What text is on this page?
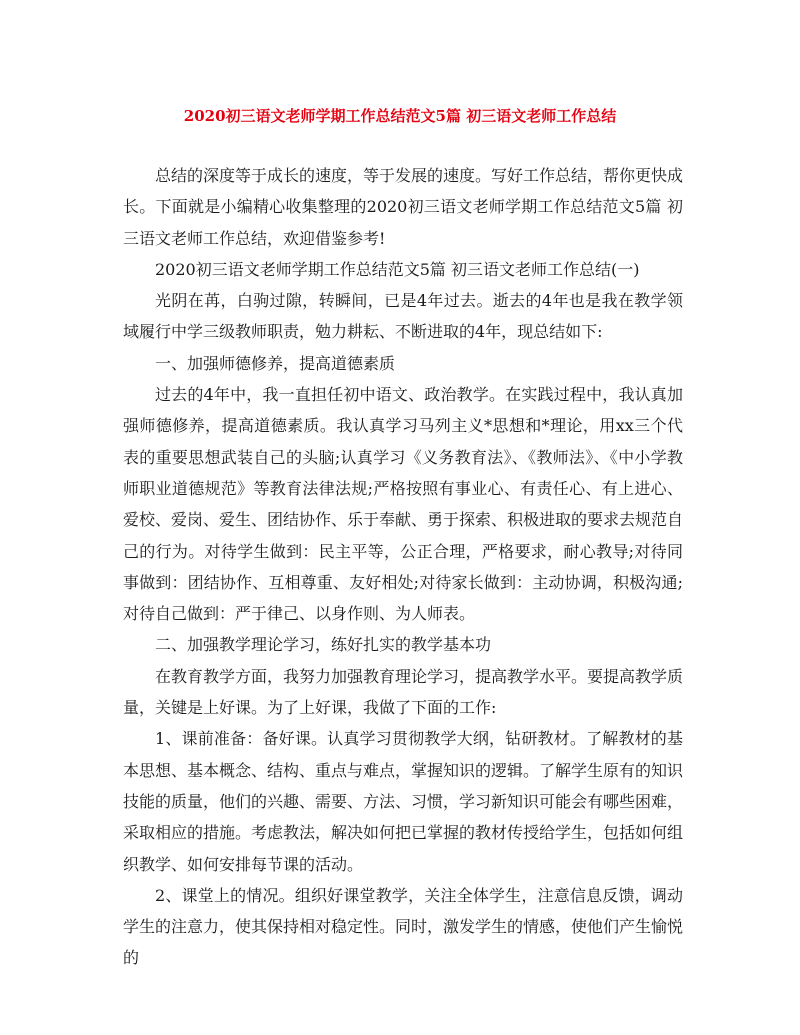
2020初三语文老师学期工作总结范文5篇 初三语文老师工作总结

总结的深度等于成长的速度，等于发展的速度。写好工作总结，帮你更快成长。下面就是小编精心收集整理的2020初三语文老师学期工作总结范文5篇 初三语文老师工作总结，欢迎借鉴参考!

2020初三语文老师学期工作总结范文5篇 初三语文老师工作总结(一)

光阴在苒，白驹过隙，转瞬间，已是4年过去。逝去的4年也是我在教学领域履行中学三级教师职责，勉力耕耘、不断进取的4年，现总结如下:

一、加强师德修养，提高道德素质

过去的4年中，我一直担任初中语文、政治教学。在实践过程中，我认真加强师德修养，提高道德素质。我认真学习马列主义*思想和*理论，用xx三个代表的重要思想武装自己的头脑;认真学习《义务教育法》、《教师法》、《中小学教师职业道德规范》等教育法律法规;严格按照有事业心、有责任心、有上进心、爱校、爱岗、爱生、团结协作、乐于奉献、勇于探索、积极进取的要求去规范自己的行为。对待学生做到：民主平等，公正合理，严格要求，耐心教导;对待同事做到：团结协作、互相尊重、友好相处;对待家长做到：主动协调，积极沟通;对待自己做到：严于律己、以身作则、为人师表。

二、加强教学理论学习，练好扎实的教学基本功

在教育教学方面，我努力加强教育理论学习，提高教学水平。要提高教学质量，关键是上好课。为了上好课，我做了下面的工作:

1、课前准备：备好课。认真学习贯彻教学大纲，钻研教材。了解教材的基本思想、基本概念、结构、重点与难点，掌握知识的逻辑。了解学生原有的知识技能的质量，他们的兴趣、需要、方法、习惯，学习新知识可能会有哪些困难，采取相应的措施。考虑教法，解决如何把已掌握的教材传授给学生，包括如何组织教学、如何安排每节课的活动。

2、课堂上的情况。组织好课堂教学，关注全体学生，注意信息反馈，调动学生的注意力，使其保持相对稳定性。同时，激发学生的情感，使他们产生愉悦的
